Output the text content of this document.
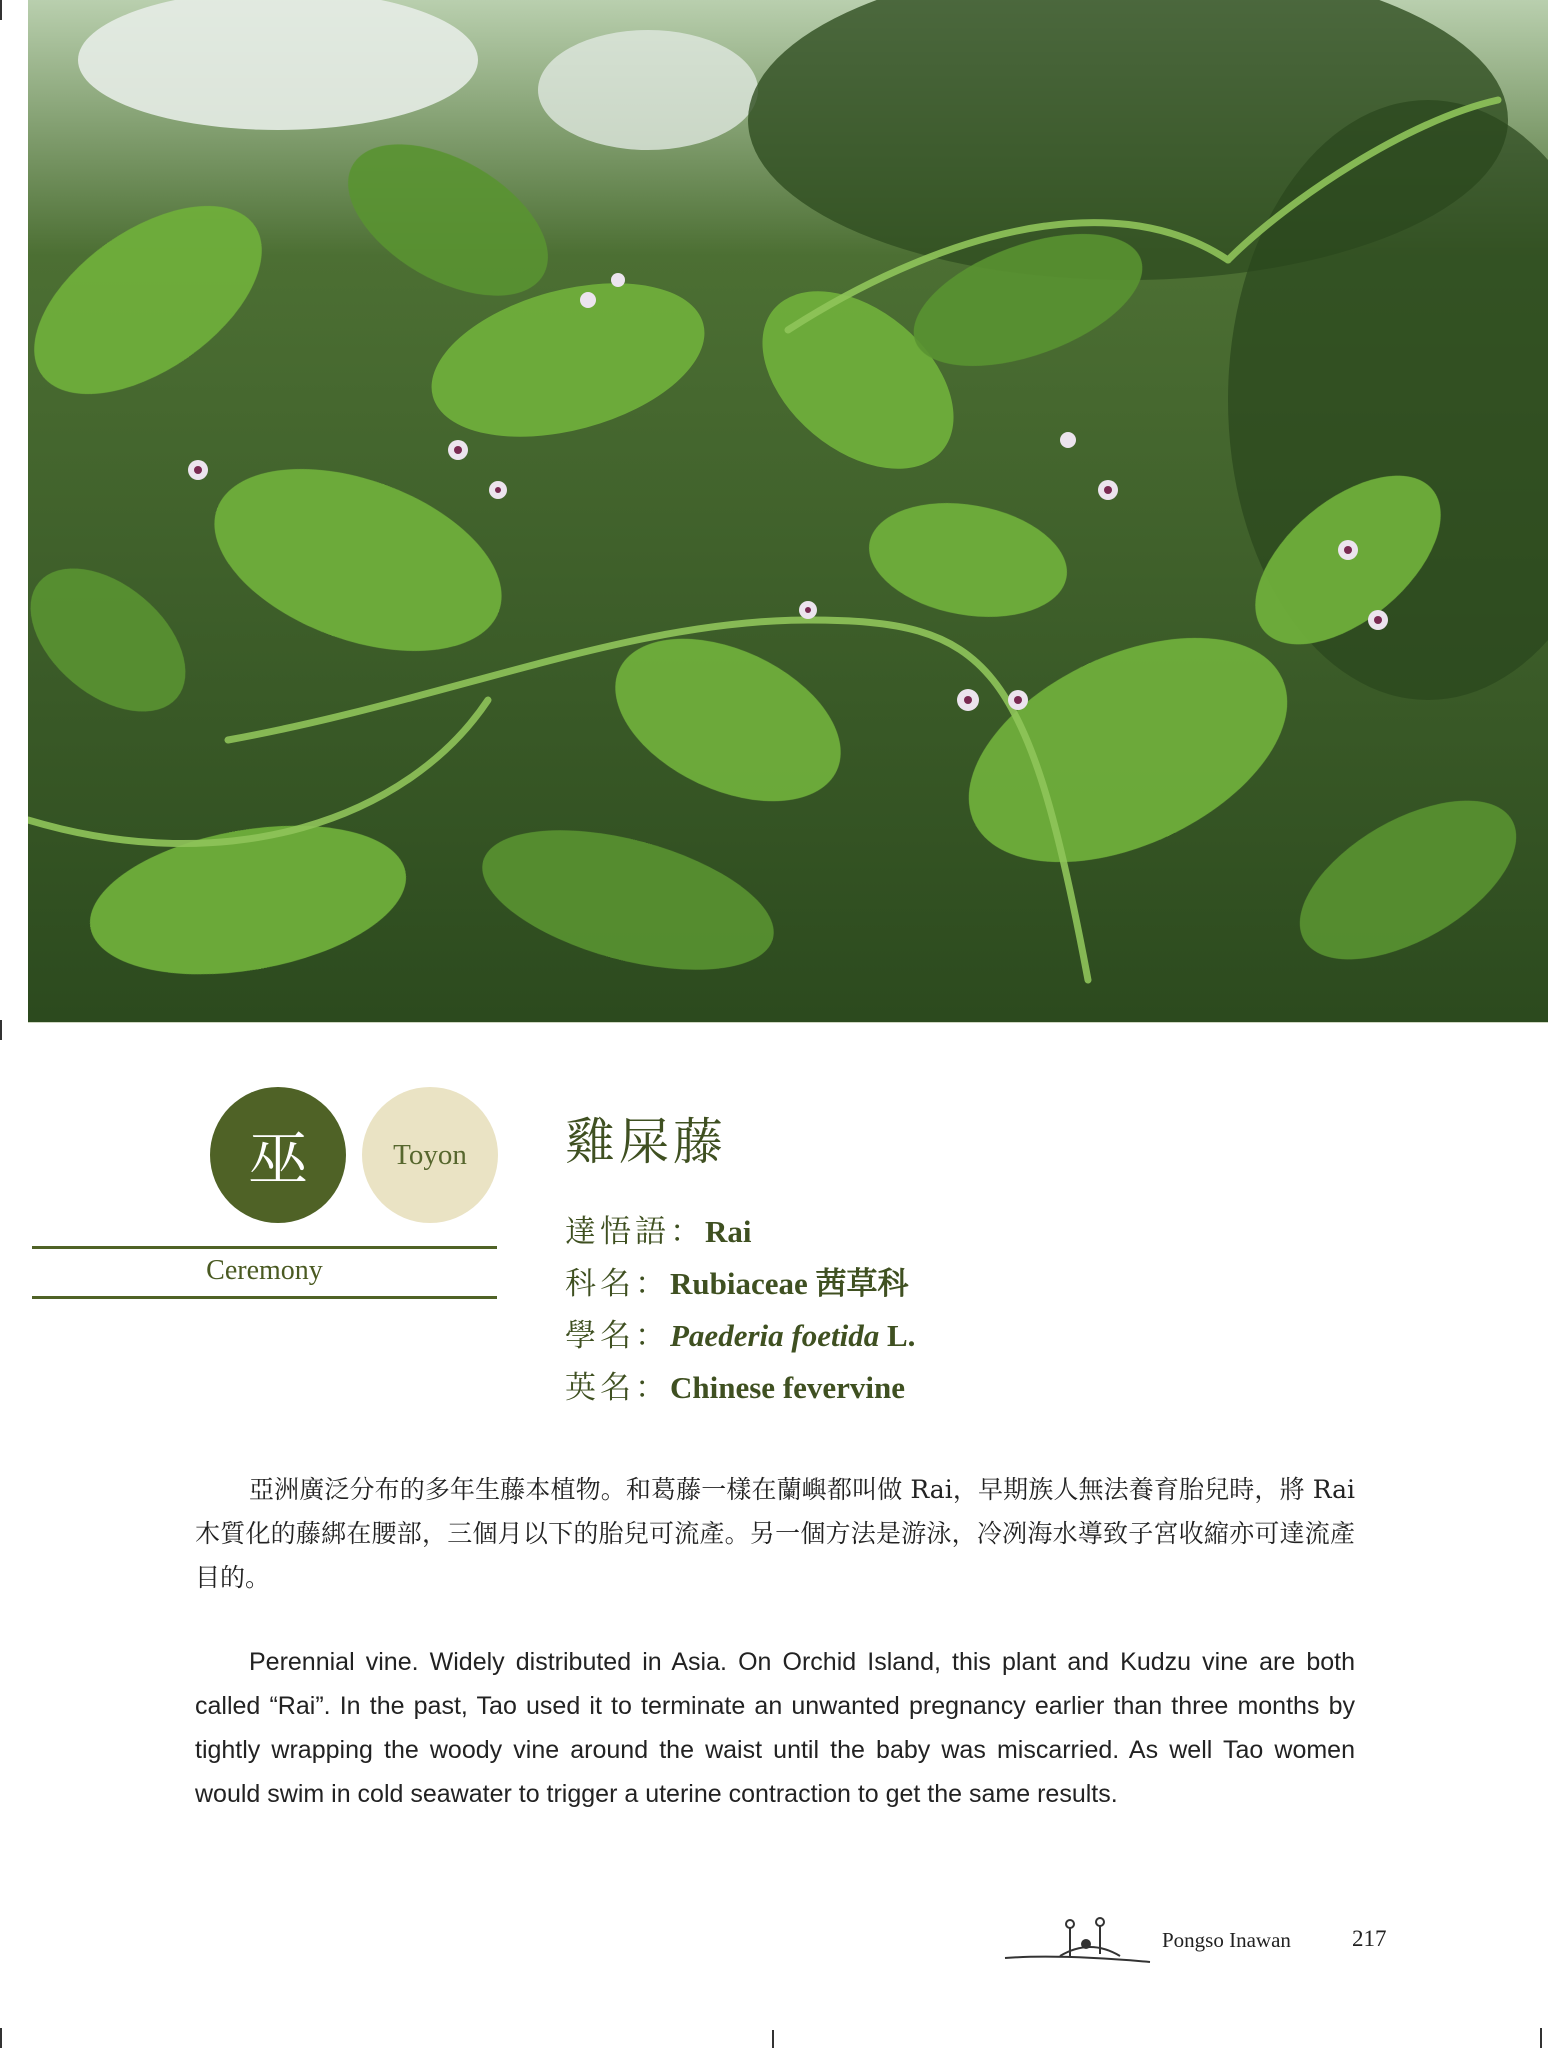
巫	Toyon
Ceremony
雞屎藤
達悟語：Rai
科名：Rubiaceae 茜草科
學名：Paederia foetida L.
英名：Chinese fevervine
亞洲廣泛分布的多年生藤本植物。和葛藤一樣在蘭嶼都叫做 Rai，早期族人無法養育胎兒時，將 Rai 木質化的藤綁在腰部，三個月以下的胎兒可流產。另一個方法是游泳，冷冽海水導致子宮收縮亦可達流產目的。
Perennial vine. Widely distributed in Asia. On Orchid Island, this plant and Kudzu vine are both called “Rai”. In the past, Tao used it to terminate an unwanted pregnancy earlier than three months by tightly wrapping the woody vine around the waist until the baby was miscarried. As well Tao women would swim in cold seawater to trigger a uterine contraction to get the same results.
Pongso Inawan	217
